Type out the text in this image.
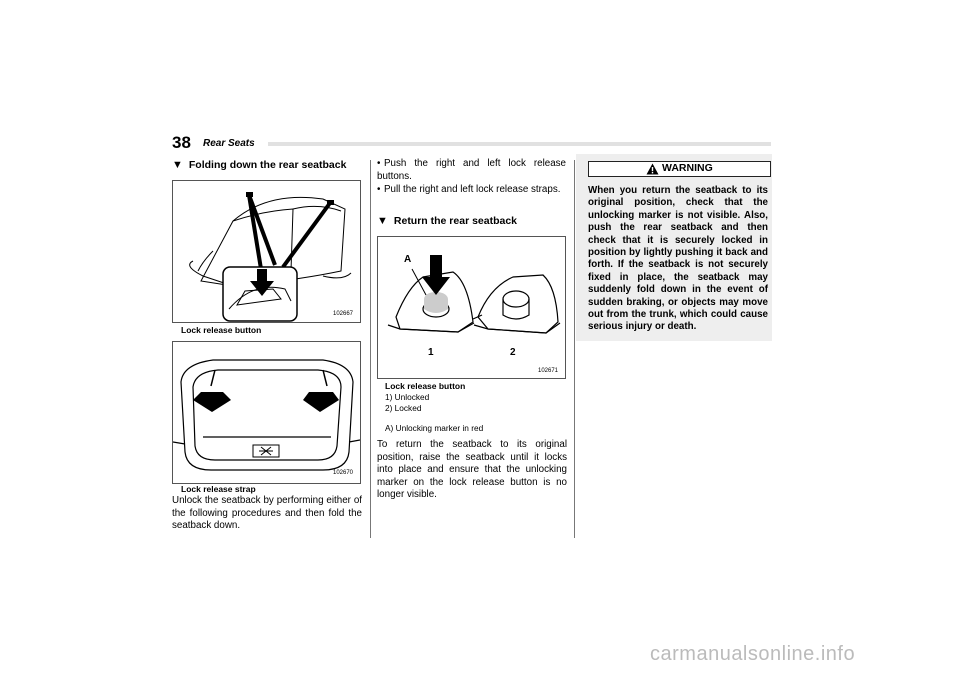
38 Rear Seats
▼ Folding down the rear seatback
102667
Lock release button
102670
Lock release strap
Unlock the seatback by performing either of the following procedures and then fold the seatback down.
• Push the right and left lock release buttons.
• Pull the right and left lock release straps.
▼ Return the rear seatback
A
1	2
102671
Lock release button
1) Unlocked
2) Locked
A) Unlocking marker in red
To return the seatback to its original position, raise the seatback until it locks into place and ensure that the unlocking marker on the lock release button is no longer visible.
WARNING
When you return the seatback to its original position, check that the unlocking marker is not visible. Also, push the rear seatback and then check that it is securely locked in position by lightly pushing it back and forth. If the seatback is not securely fixed in place, the seatback may suddenly fold down in the event of sudden braking, or objects may move out from the trunk, which could cause serious injury or death.
carmanualsonline.info
